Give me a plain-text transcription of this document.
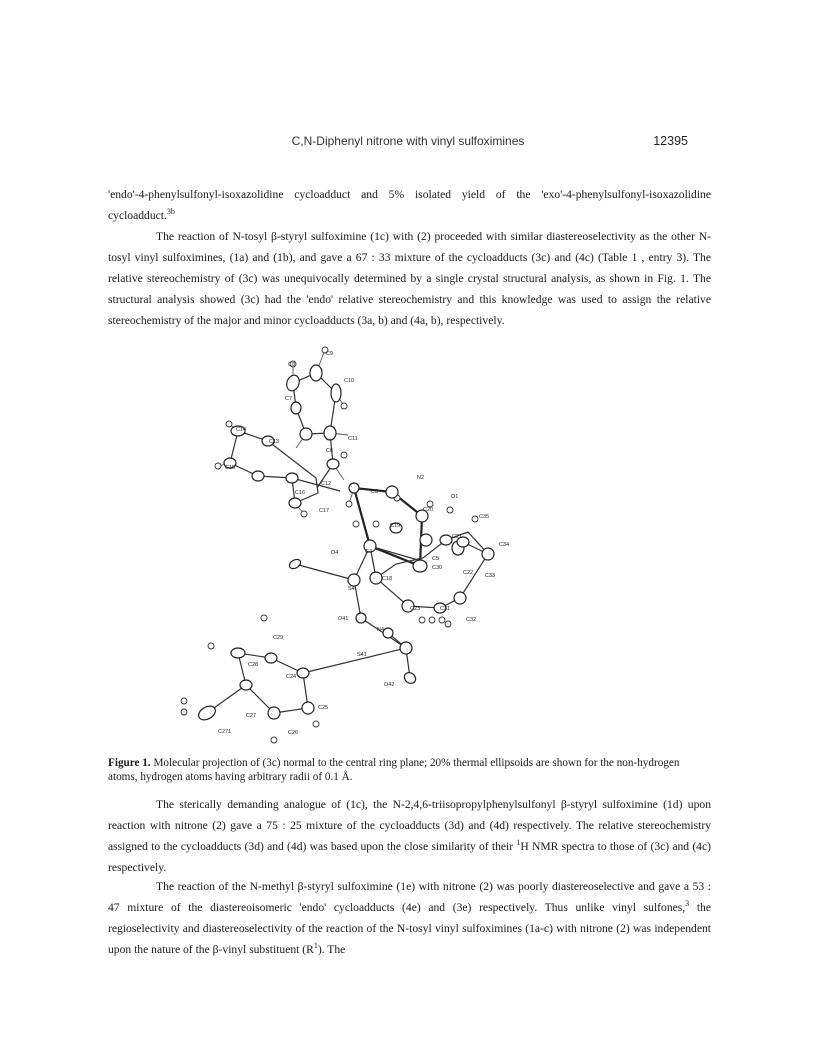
C,N-Diphenyl nitrone with vinyl sulfoximines	12395

'endo'-4-phenylsulfonyl-isoxazolidine cycloadduct and 5% isolated yield of the 'exo'-4-phenylsulfonyl-isoxazolidine cycloadduct.$^{3b}$

The reaction of N-tosyl β-styryl sulfoximine (1c) with (2) proceeded with similar diastereoselectivity as the other N-tosyl vinyl sulfoximines, (1a) and (1b), and gave a 67 : 33 mixture of the cycloadducts (3c) and (4c) (Table 1 , entry 3). The relative stereochemistry of (3c) was unequivocally determined by a single crystal structural analysis, as shown in Fig. 1. The structural analysis showed (3c) had the 'endo' relative stereochemistry and this knowledge was used to assign the relative stereochemistry of the major and minor cycloadducts (3a, b) and (4a, b), respectively.

C9
C8
C10
C7
C11
C6
C14
C13
C15
C12
C16
C17
C3
N2
O1
C20
C19
C35
C21
C34
C4
C5
C30
O4
S4
C18
C22 C33
C23	C31
C32
O41
N4
C29
S41
C28
C24
O42
C25
C27
C271	C26
Figure 1. Molecular projection of (3c) normal to the central ring plane; 20% thermal ellipsoids are shown for the non-hydrogen atoms, hydrogen atoms having arbitrary radii of 0.1 Å.

The sterically demanding analogue of (1c), the N-2,4,6-triisopropylphenylsulfonyl β-styryl sulfoximine (1d) upon reaction with nitrone (2) gave a 75 : 25 mixture of the cycloadducts (3d) and (4d) respectively. The relative stereochemistry assigned to the cycloadducts (3d) and (4d) was based upon the close similarity of their $^1$H NMR spectra to those of (3c) and (4c) respectively.

The reaction of the N-methyl β-styryl sulfoximine (1e) with nitrone (2) was poorly diastereoselective and gave a 53 : 47 mixture of the diastereoisomeric 'endo' cycloadducts (4e) and (3e) respectively. Thus unlike vinyl sulfones,$^3$ the regioselectivity and diastereoselectivity of the reaction of the N-tosyl vinyl sulfoximines (1a-c) with nitrone (2) was independent upon the nature of the β-vinyl substituent $(R^1)$. The
